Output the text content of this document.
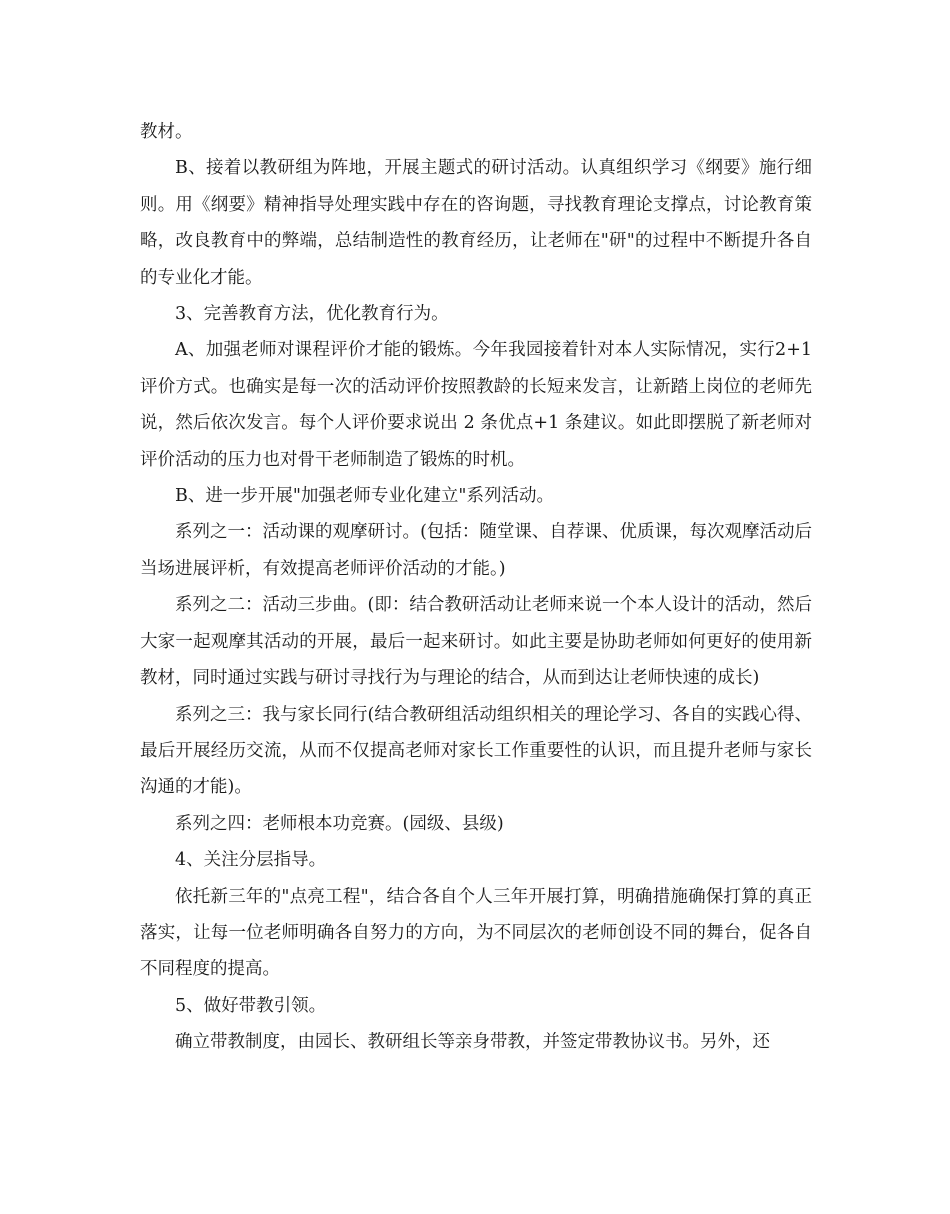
教材。

B、接着以教研组为阵地，开展主题式的研讨活动。认真组织学习《纲要》施行细则。用《纲要》精神指导处理实践中存在的咨询题，寻找教育理论支撑点，讨论教育策略，改良教育中的弊端，总结制造性的教育经历，让老师在"研"的过程中不断提升各自的专业化才能。

3、完善教育方法，优化教育行为。

A、加强老师对课程评价才能的锻炼。今年我园接着针对本人实际情况，实行2+1 评价方式。也确实是每一次的活动评价按照教龄的长短来发言，让新踏上岗位的老师先说，然后依次发言。每个人评价要求说出 2 条优点+1 条建议。如此即摆脱了新老师对评价活动的压力也对骨干老师制造了锻炼的时机。

B、进一步开展"加强老师专业化建立"系列活动。

系列之一：活动课的观摩研讨。(包括：随堂课、自荐课、优质课，每次观摩活动后当场进展评析，有效提高老师评价活动的才能。)

系列之二：活动三步曲。(即：结合教研活动让老师来说一个本人设计的活动，然后大家一起观摩其活动的开展，最后一起来研讨。如此主要是协助老师如何更好的使用新教材，同时通过实践与研讨寻找行为与理论的结合，从而到达让老师快速的成长)

系列之三：我与家长同行(结合教研组活动组织相关的理论学习、各自的实践心得、最后开展经历交流，从而不仅提高老师对家长工作重要性的认识，而且提升老师与家长沟通的才能)。

系列之四：老师根本功竞赛。(园级、县级)

4、关注分层指导。

依托新三年的"点亮工程"，结合各自个人三年开展打算，明确措施确保打算的真正落实，让每一位老师明确各自努力的方向，为不同层次的老师创设不同的舞台，促各自不同程度的提高。

5、做好带教引领。

确立带教制度，由园长、教研组长等亲身带教，并签定带教协议书。另外，还
